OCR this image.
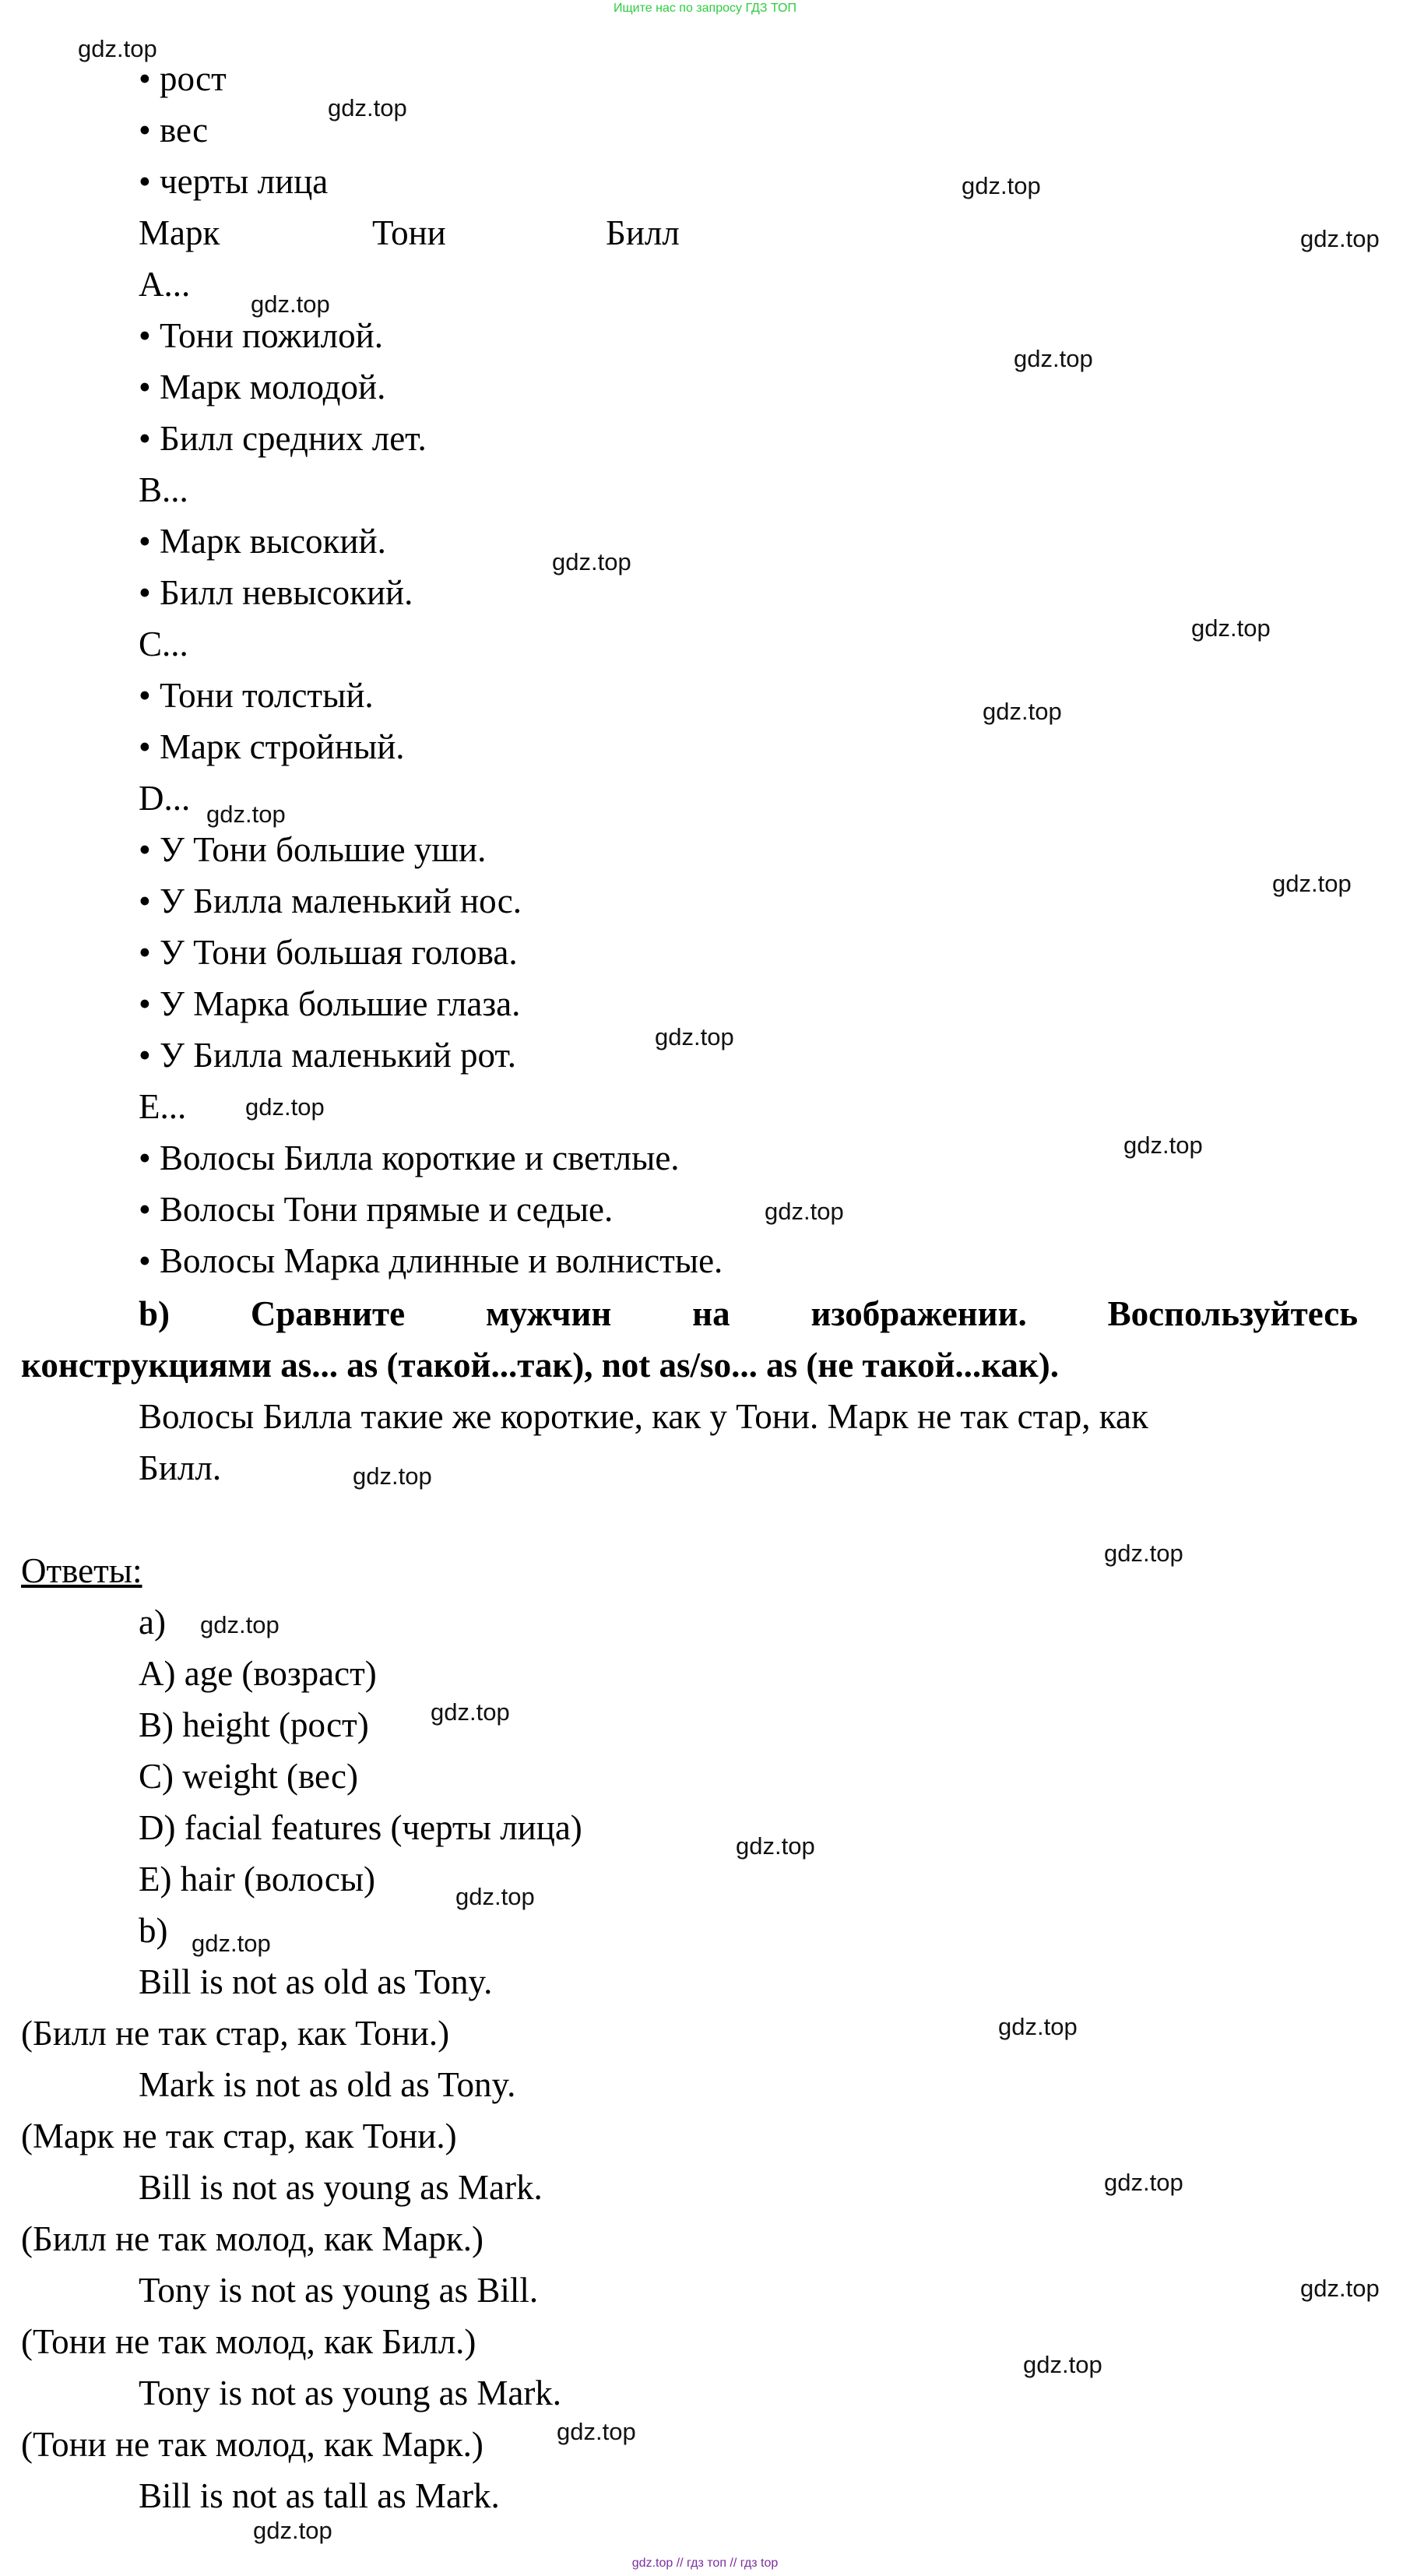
Ищите нас по запросу ГДЗ ТОП
• рост
• вес
• черты лица
Марк	Тони	Билл
A...
• Тони пожилой.
• Марк молодой.
• Билл средних лет.
B...
• Марк высокий.
• Билл невысокий.
C...
• Тони толстый.
• Марк стройный.
D...
• У Тони большие уши.
• У Билла маленький нос.
• У Тони большая голова.
• У Марка большие глаза.
• У Билла маленький рот.
E...
• Волосы Билла короткие и светлые.
• Волосы Тони прямые и седые.
• Волосы Марка длинные и волнистые.
b) Сравните мужчин на изображении. Воспользуйтесь
конструкциями as... as (такой...так), not as/so... as (не такой...как).
Волосы Билла такие же короткие, как у Тони. Марк не так стар, как
Билл.
Ответы:
a)
A) age (возраст)
B) height (рост)
C) weight (вес)
D) facial features (черты лица)
E) hair (волосы)
b)
Bill is not as old as Tony.
(Билл не так стар, как Тони.)
Mark is not as old as Tony.
(Марк не так стар, как Тони.)
Bill is not as young as Mark.
(Билл не так молод, как Марк.)
Tony is not as young as Bill.
(Тони не так молод, как Билл.)
Tony is not as young as Mark.
(Тони не так молод, как Марк.)
Bill is not as tall as Mark.
gdz.top
gdz.top
gdz.top
gdz.top
gdz.top
gdz.top
gdz.top
gdz.top
gdz.top
gdz.top
gdz.top
gdz.top
gdz.top
gdz.top
gdz.top
gdz.top
gdz.top
gdz.top
gdz.top
gdz.top
gdz.top
gdz.top
gdz.top
gdz.top
gdz.top
gdz.top
gdz.top
gdz.top
gdz.top // гдз топ // гдз top
